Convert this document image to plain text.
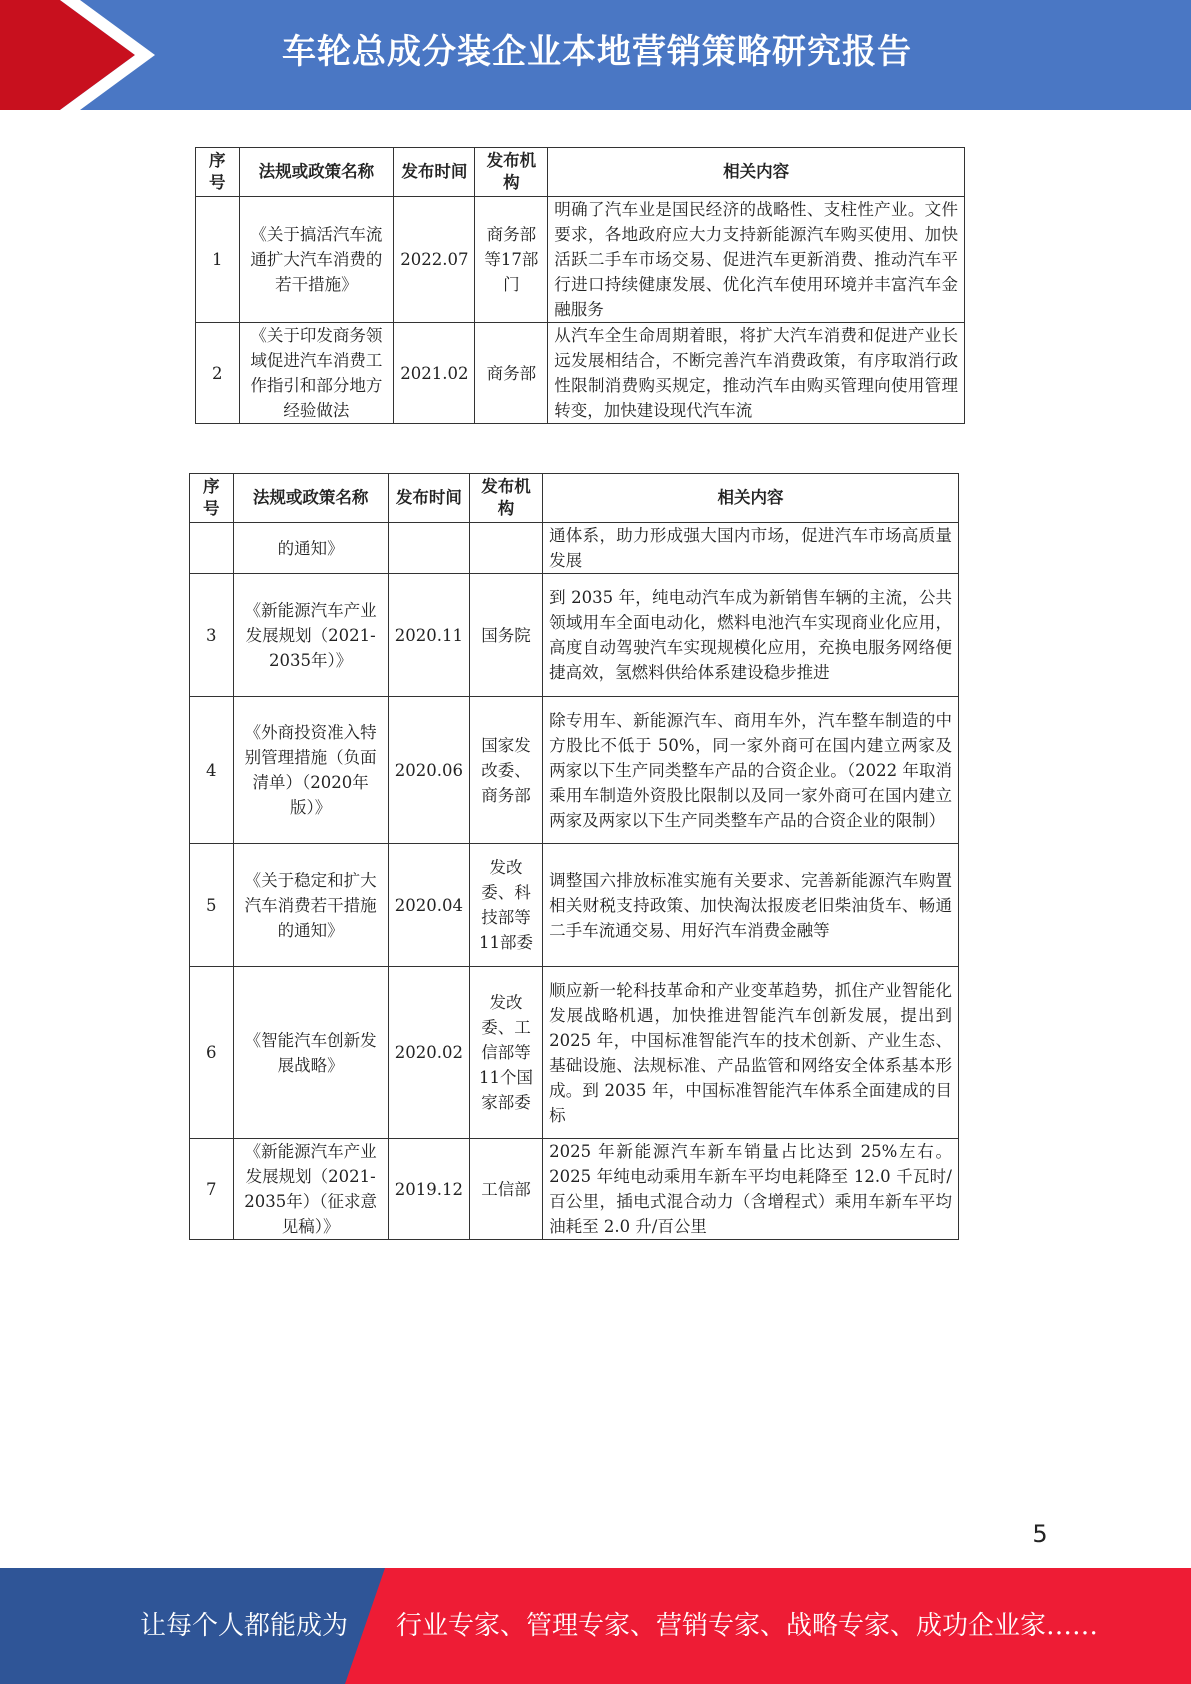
车轮总成分装企业本地营销策略研究报告
序号	法规或政策名称	发布时间	发布机构	相关内容
1	《关于搞活汽车流通扩大汽车消费的若干措施》	2022.07	商务部等17部门	明确了汽车业是国民经济的战略性、支柱性产业。文件要求，各地政府应大力支持新能源汽车购买使用、加快活跃二手车市场交易、促进汽车更新消费、推动汽车平行进口持续健康发展、优化汽车使用环境并丰富汽车金融服务
2	《关于印发商务领域促进汽车消费工作指引和部分地方经验做法	2021.02	商务部	从汽车全生命周期着眼，将扩大汽车消费和促进产业长远发展相结合，不断完善汽车消费政策，有序取消行政性限制消费购买规定，推动汽车由购买管理向使用管理转变，加快建设现代汽车流
序号	法规或政策名称	发布时间	发布机构	相关内容
	的通知》			通体系，助力形成强大国内市场，促进汽车市场高质量发展
3	《新能源汽车产业发展规划（2021-2035年）》	2020.11	国务院	到 2035 年，纯电动汽车成为新销售车辆的主流，公共领域用车全面电动化，燃料电池汽车实现商业化应用，高度自动驾驶汽车实现规模化应用，充换电服务网络便捷高效，氢燃料供给体系建设稳步推进
4	《外商投资准入特别管理措施（负面清单）（2020年版）》	2020.06	国家发改委、商务部	除专用车、新能源汽车、商用车外，汽车整车制造的中方股比不低于 50%，同一家外商可在国内建立两家及两家以下生产同类整车产品的合资企业。（2022 年取消乘用车制造外资股比限制以及同一家外商可在国内建立两家及两家以下生产同类整车产品的合资企业的限制）
5	《关于稳定和扩大汽车消费若干措施的通知》	2020.04	发改委、科技部等11部委	调整国六排放标准实施有关要求、完善新能源汽车购置相关财税支持政策、加快淘汰报废老旧柴油货车、畅通二手车流通交易、用好汽车消费金融等
6	《智能汽车创新发展战略》	2020.02	发改委、工信部等11个国家部委	顺应新一轮科技革命和产业变革趋势，抓住产业智能化发展战略机遇，加快推进智能汽车创新发展，提出到 2025 年，中国标准智能汽车的技术创新、产业生态、基础设施、法规标准、产品监管和网络安全体系基本形成。到 2035 年，中国标准智能汽车体系全面建成的目标
7	《新能源汽车产业发展规划（2021-2035年）（征求意见稿）》	2019.12	工信部	2025 年新能源汽车新车销量占比达到 25%左右。2025 年纯电动乘用车新车平均电耗降至 12.0 千瓦时/百公里，插电式混合动力（含增程式）乘用车新车平均油耗至 2.0 升/百公里
5
让每个人都能成为 行业专家、管理专家、营销专家、战略专家、成功企业家……
